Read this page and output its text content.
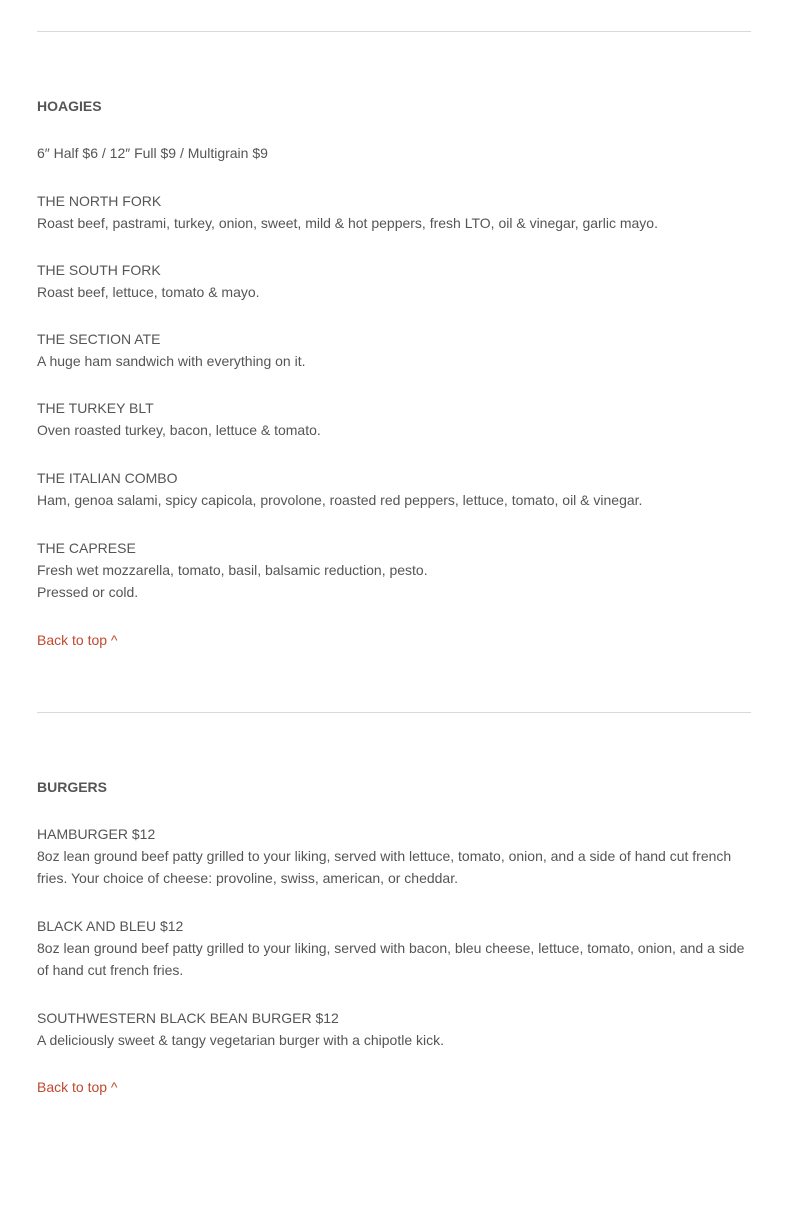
HOAGIES

6″ Half $6 / 12″ Full $9 / Multigrain $9

THE NORTH FORK
Roast beef, pastrami, turkey, onion, sweet, mild & hot peppers, fresh LTO, oil & vinegar, garlic mayo.
THE SOUTH FORK
Roast beef, lettuce, tomato & mayo.
THE SECTION ATE
A huge ham sandwich with everything on it.
THE TURKEY BLT
Oven roasted turkey, bacon, lettuce & tomato.
THE ITALIAN COMBO
Ham, genoa salami, spicy capicola, provolone, roasted red peppers, lettuce, tomato, oil & vinegar.
THE CAPRESE
Fresh wet mozzarella, tomato, basil, balsamic reduction, pesto.
Pressed or cold.
Back to top ^
BURGERS
HAMBURGER $12
8oz lean ground beef patty grilled to your liking, served with lettuce, tomato, onion, and a side of hand cut french fries. Your choice of cheese: provoline, swiss, american, or cheddar.
BLACK AND BLEU $12
8oz lean ground beef patty grilled to your liking, served with bacon, bleu cheese, lettuce, tomato, onion, and a side of hand cut french fries.
SOUTHWESTERN BLACK BEAN BURGER $12
A deliciously sweet & tangy vegetarian burger with a chipotle kick.
Back to top ^
